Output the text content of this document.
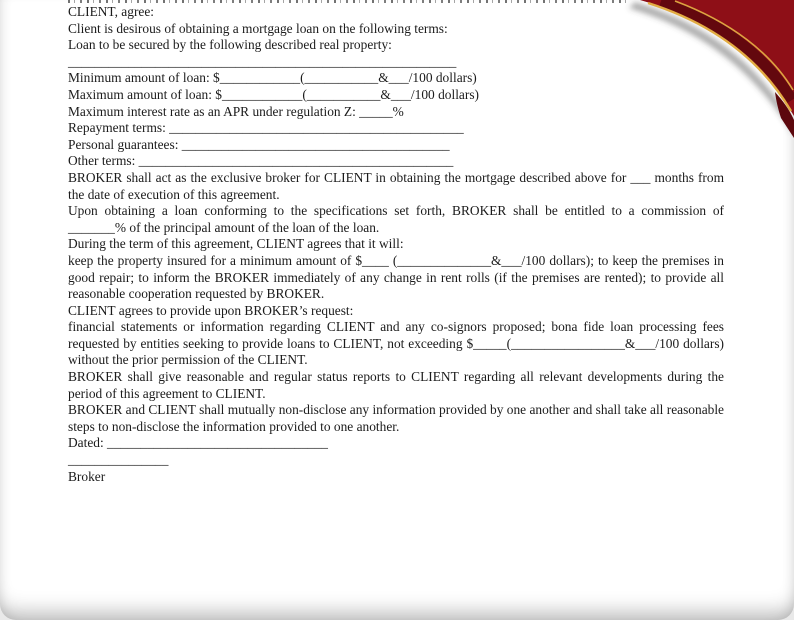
CLIENT, agree:

Client is desirous of obtaining a mortgage loan on the following terms:

Loan to be secured by the following described real property:

__________________________________________________________

Minimum amount of loan: $____________(___________&___/100 dollars)

Maximum amount of loan: $____________(___________&___/100 dollars)

Maximum interest rate as an APR under regulation Z: _____%

Repayment terms: ____________________________________________

Personal guarantees: ________________________________________

Other terms: _______________________________________________

BROKER shall act as the exclusive broker for CLIENT in obtaining the mortgage described above for ___ months from the date of execution of this agreement.

Upon obtaining a loan conforming to the specifications set forth, BROKER shall be entitled to a commission of _______% of the principal amount of the loan of the loan.

During the term of this agreement, CLIENT agrees that it will:

keep the property insured for a minimum amount of $____ (______________&___/100 dollars); to keep the premises in good repair; to inform the BROKER immediately of any change in rent rolls (if the premises are rented); to provide all reasonable cooperation requested by BROKER.

CLIENT agrees to provide upon BROKER’s request:

financial statements or information regarding CLIENT and any co-signors proposed; bona fide loan processing fees requested by entities seeking to provide loans to CLIENT, not exceeding $_____(_________________&___/100 dollars) without the prior permission of the CLIENT.

BROKER shall give reasonable and regular status reports to CLIENT regarding all relevant developments during the period of this agreement to CLIENT.

BROKER and CLIENT shall mutually non-disclose any information provided by one another and shall take all reasonable steps to non-disclose the information provided to one another.

Dated: _________________________________

_______________

Broker
